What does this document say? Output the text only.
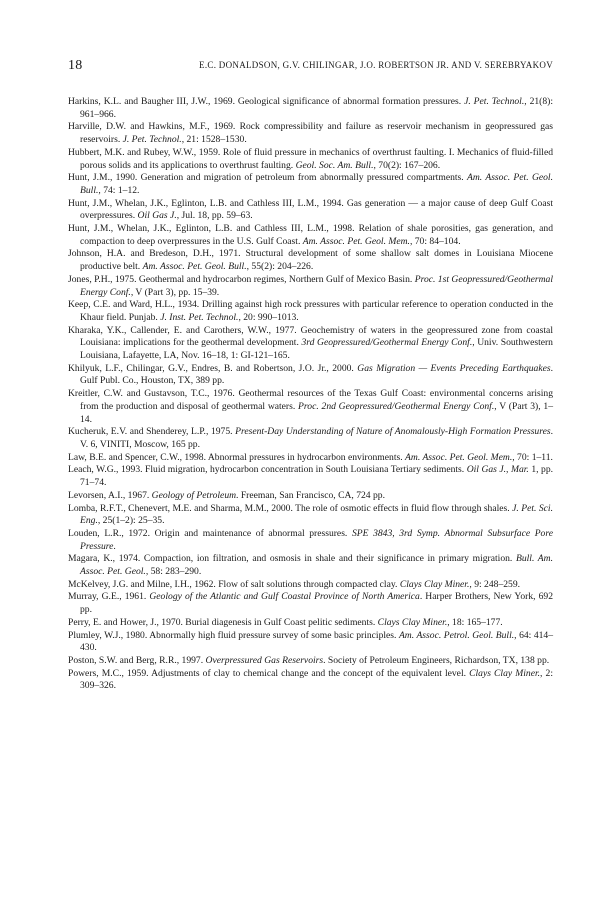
18	E.C. DONALDSON, G.V. CHILINGAR, J.O. ROBERTSON JR. AND V. SEREBRYAKOV
Harkins, K.L. and Baugher III, J.W., 1969. Geological significance of abnormal formation pressures. J. Pet. Technol., 21(8): 961–966.
Harville, D.W. and Hawkins, M.F., 1969. Rock compressibility and failure as reservoir mechanism in geopressured gas reservoirs. J. Pet. Technol., 21: 1528–1530.
Hubbert, M.K. and Rubey, W.W., 1959. Role of fluid pressure in mechanics of overthrust faulting. I. Mechanics of fluid-filled porous solids and its applications to overthrust faulting. Geol. Soc. Am. Bull., 70(2): 167–206.
Hunt, J.M., 1990. Generation and migration of petroleum from abnormally pressured compartments. Am. Assoc. Pet. Geol. Bull., 74: 1–12.
Hunt, J.M., Whelan, J.K., Eglinton, L.B. and Cathless III, L.M., 1994. Gas generation — a major cause of deep Gulf Coast overpressures. Oil Gas J., Jul. 18, pp. 59–63.
Hunt, J.M., Whelan, J.K., Eglinton, L.B. and Cathless III, L.M., 1998. Relation of shale porosities, gas generation, and compaction to deep overpressures in the U.S. Gulf Coast. Am. Assoc. Pet. Geol. Mem., 70: 84–104.
Johnson, H.A. and Bredeson, D.H., 1971. Structural development of some shallow salt domes in Louisiana Miocene productive belt. Am. Assoc. Pet. Geol. Bull., 55(2): 204–226.
Jones, P.H., 1975. Geothermal and hydrocarbon regimes, Northern Gulf of Mexico Basin. Proc. 1st Geopressured/Geothermal Energy Conf., V (Part 3), pp. 15–39.
Keep, C.E. and Ward, H.L., 1934. Drilling against high rock pressures with particular reference to operation conducted in the Khaur field. Punjab. J. Inst. Pet. Technol., 20: 990–1013.
Kharaka, Y.K., Callender, E. and Carothers, W.W., 1977. Geochemistry of waters in the geopressured zone from coastal Louisiana: implications for the geothermal development. 3rd Geopressured/Geothermal Energy Conf., Univ. Southwestern Louisiana, Lafayette, LA, Nov. 16–18, 1: GI-121–165.
Khilyuk, L.F., Chilingar, G.V., Endres, B. and Robertson, J.O. Jr., 2000. Gas Migration — Events Preceding Earthquakes. Gulf Publ. Co., Houston, TX, 389 pp.
Kreitler, C.W. and Gustavson, T.C., 1976. Geothermal resources of the Texas Gulf Coast: environmental concerns arising from the production and disposal of geothermal waters. Proc. 2nd Geopressured/Geothermal Energy Conf., V (Part 3), 1–14.
Kucheruk, E.V. and Shenderey, L.P., 1975. Present-Day Understanding of Nature of Anomalously-High Formation Pressures. V. 6, VINITI, Moscow, 165 pp.
Law, B.E. and Spencer, C.W., 1998. Abnormal pressures in hydrocarbon environments. Am. Assoc. Pet. Geol. Mem., 70: 1–11.
Leach, W.G., 1993. Fluid migration, hydrocarbon concentration in South Louisiana Tertiary sediments. Oil Gas J., Mar. 1, pp. 71–74.
Levorsen, A.I., 1967. Geology of Petroleum. Freeman, San Francisco, CA, 724 pp.
Lomba, R.F.T., Chenevert, M.E. and Sharma, M.M., 2000. The role of osmotic effects in fluid flow through shales. J. Pet. Sci. Eng., 25(1–2): 25–35.
Louden, L.R., 1972. Origin and maintenance of abnormal pressures. SPE 3843, 3rd Symp. Abnormal Subsurface Pore Pressure.
Magara, K., 1974. Compaction, ion filtration, and osmosis in shale and their significance in primary migration. Bull. Am. Assoc. Pet. Geol., 58: 283–290.
McKelvey, J.G. and Milne, I.H., 1962. Flow of salt solutions through compacted clay. Clays Clay Miner., 9: 248–259.
Murray, G.E., 1961. Geology of the Atlantic and Gulf Coastal Province of North America. Harper Brothers, New York, 692 pp.
Perry, E. and Hower, J., 1970. Burial diagenesis in Gulf Coast pelitic sediments. Clays Clay Miner., 18: 165–177.
Plumley, W.J., 1980. Abnormally high fluid pressure survey of some basic principles. Am. Assoc. Petrol. Geol. Bull., 64: 414–430.
Poston, S.W. and Berg, R.R., 1997. Overpressured Gas Reservoirs. Society of Petroleum Engineers, Richardson, TX, 138 pp.
Powers, M.C., 1959. Adjustments of clay to chemical change and the concept of the equivalent level. Clays Clay Miner., 2: 309–326.
